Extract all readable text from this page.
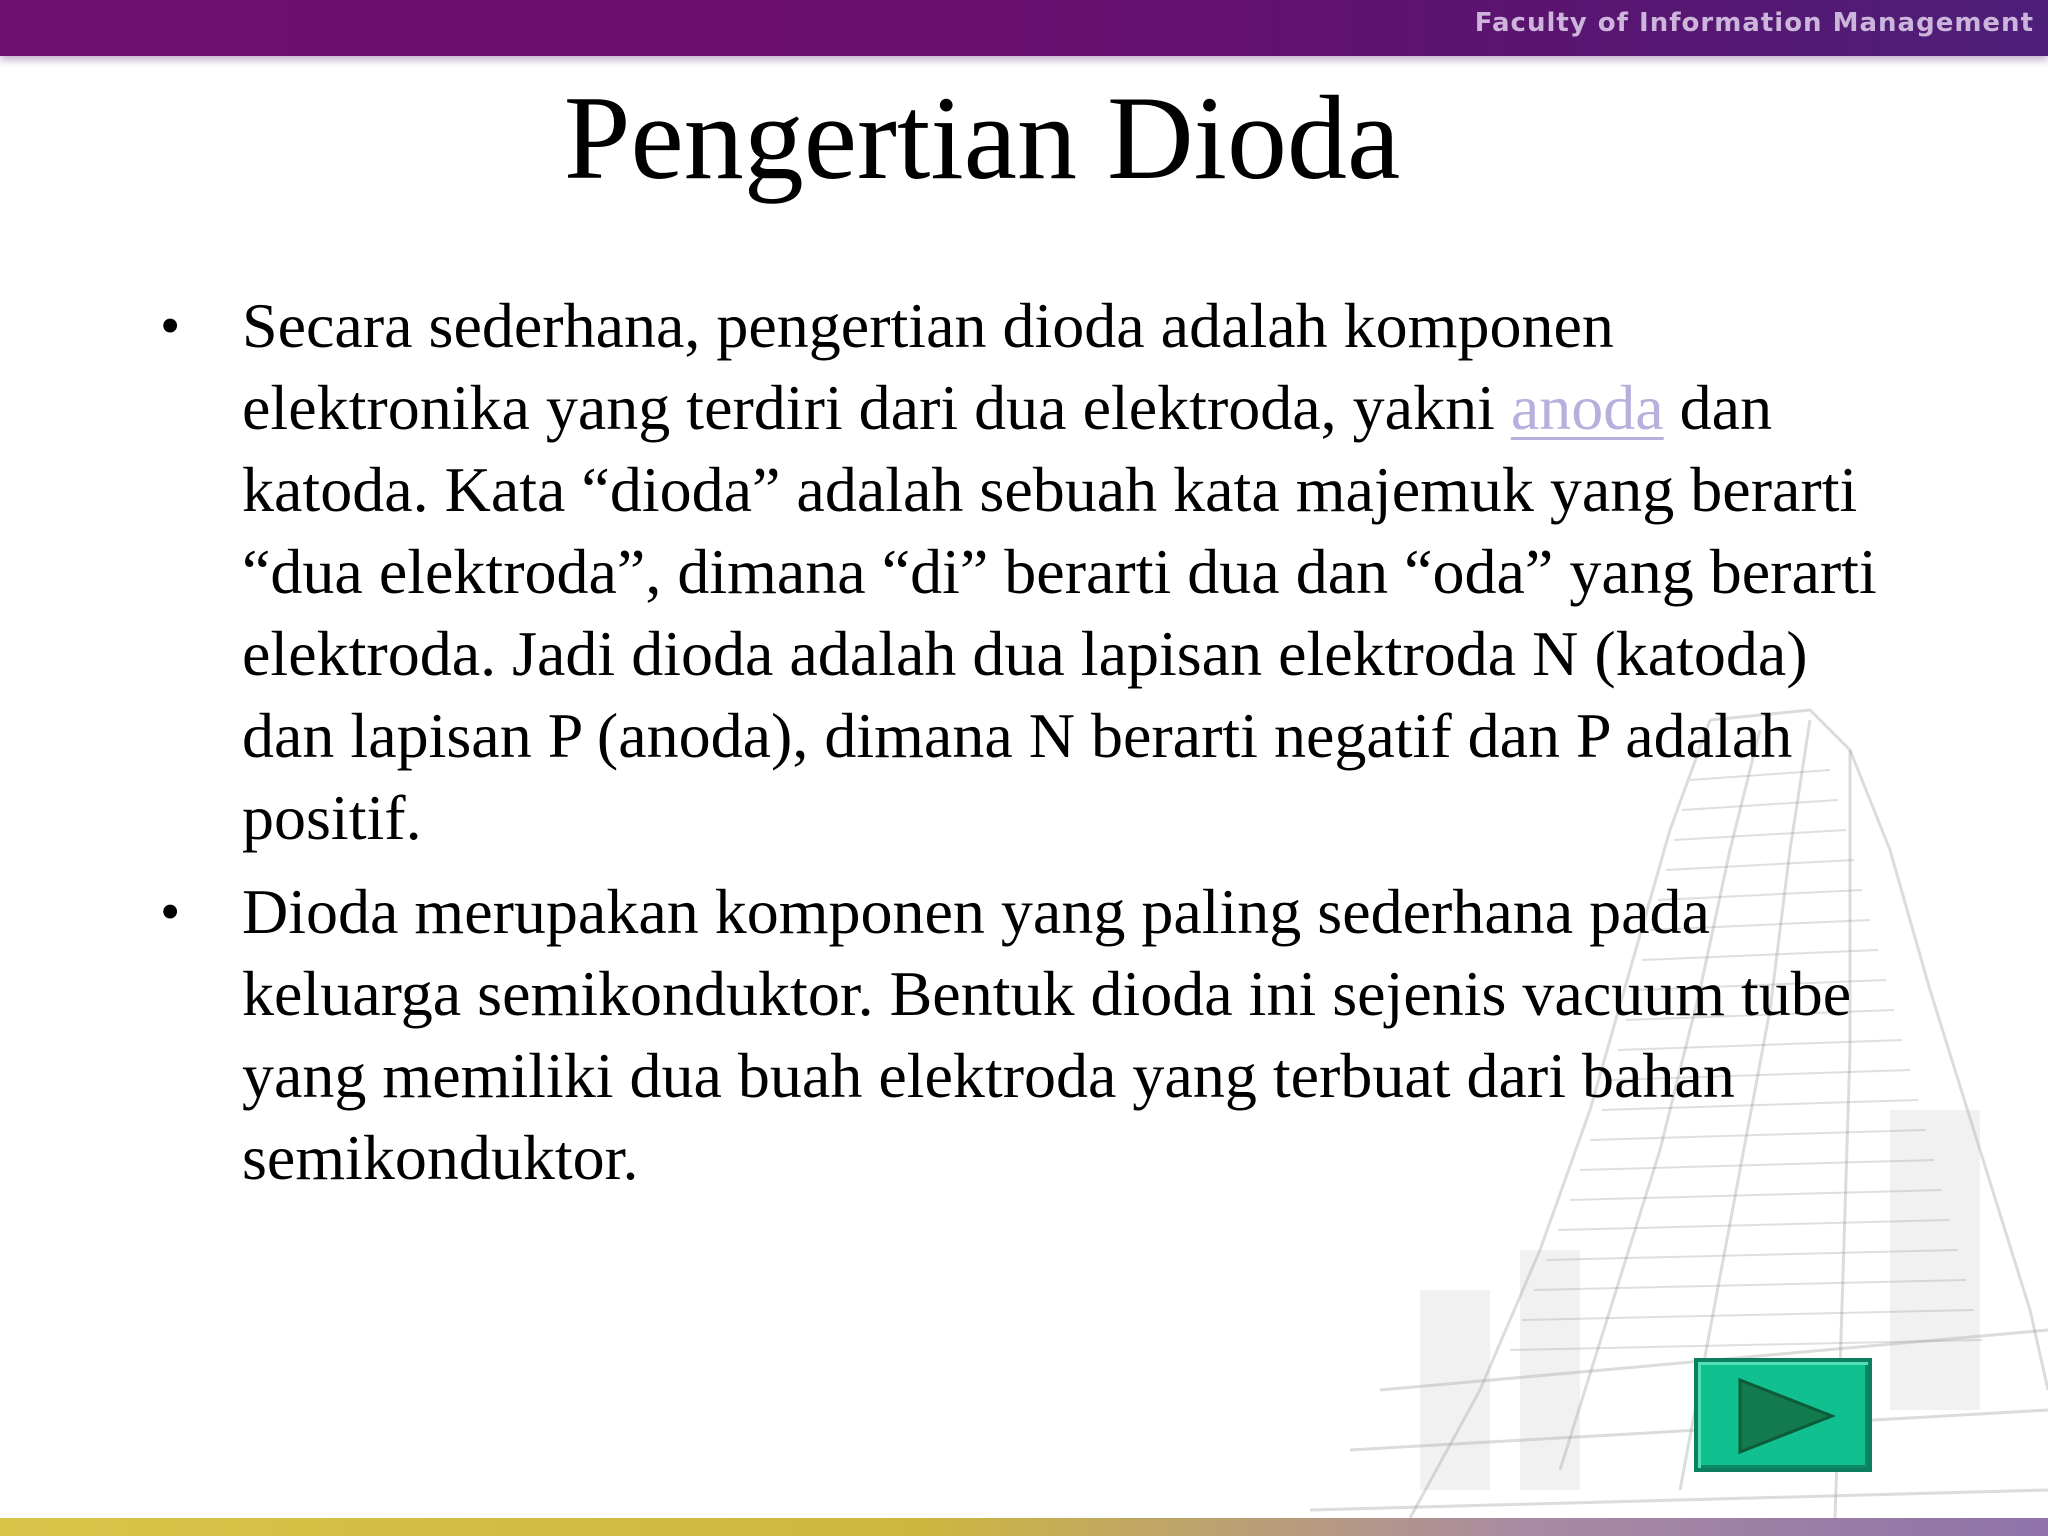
Faculty of Information Management
Pengertian Dioda
• Secara sederhana, pengertian dioda adalah komponen elektronika yang terdiri dari dua elektroda, yakni anoda dan katoda. Kata “dioda” adalah sebuah kata majemuk yang berarti “dua elektroda”, dimana “di” berarti dua dan “oda” yang berarti elektroda. Jadi dioda adalah dua lapisan elektroda N (katoda) dan lapisan P (anoda), dimana N berarti negatif dan P adalah positif.
• Dioda merupakan komponen yang paling sederhana pada keluarga semikonduktor. Bentuk dioda ini sejenis vacuum tube yang memiliki dua buah elektroda yang terbuat dari bahan semikonduktor.
